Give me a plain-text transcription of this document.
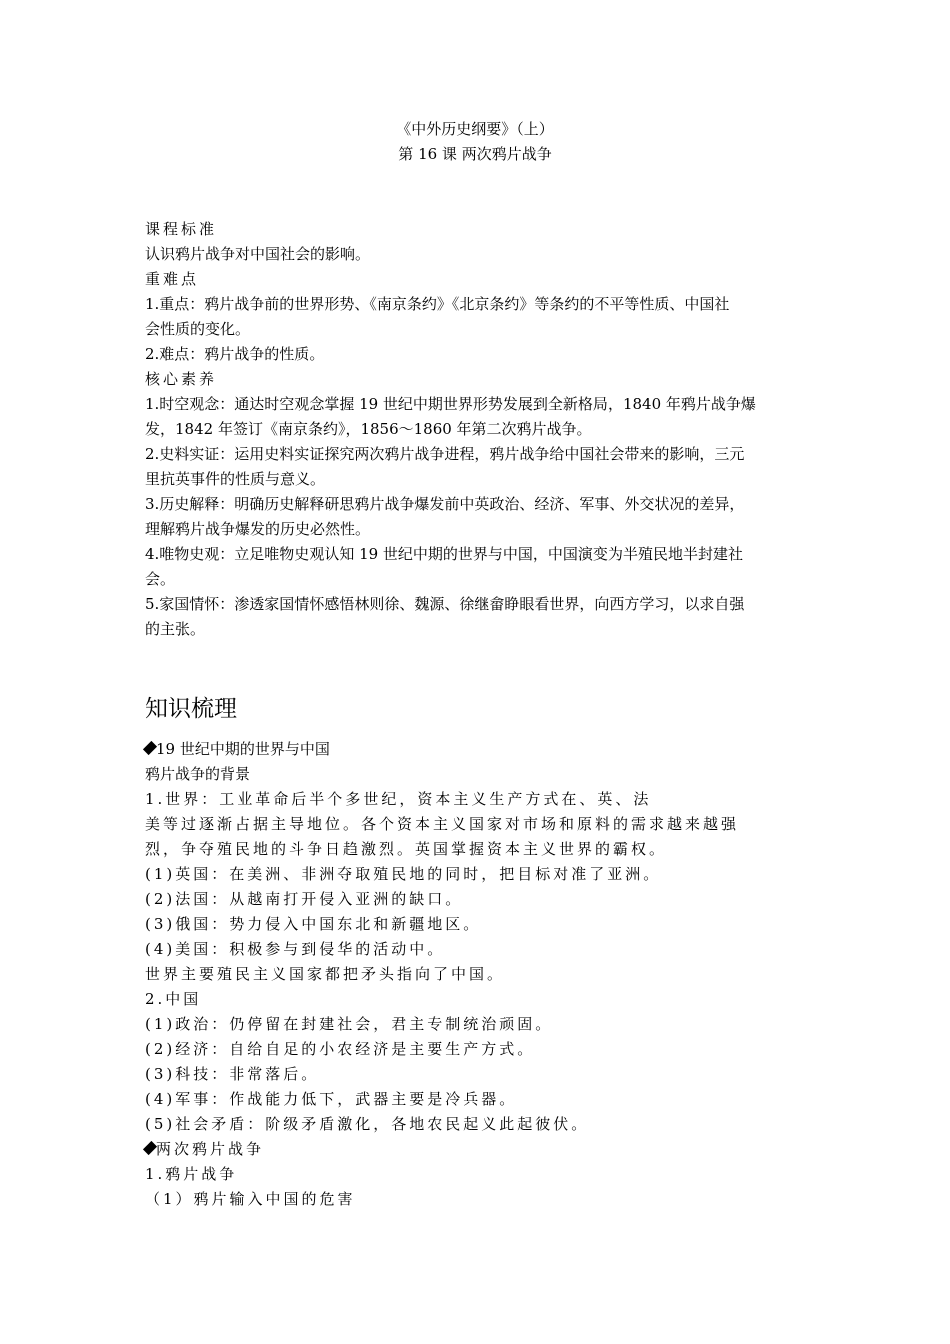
《中外历史纲要》（上）
第 16 课 两次鸦片战争
课程标准
认识鸦片战争对中国社会的影响。
重难点
1.重点：鸦片战争前的世界形势、《南京条约》《北京条约》等条约的不平等性质、中国社
会性质的变化。
2.难点：鸦片战争的性质。
核心素养
1.时空观念：通达时空观念掌握 19 世纪中期世界形势发展到全新格局，1840 年鸦片战争爆
发，1842 年签订《南京条约》，1856～1860 年第二次鸦片战争。
2.史料实证：运用史料实证探究两次鸦片战争进程，鸦片战争给中国社会带来的影响，三元
里抗英事件的性质与意义。
3.历史解释：明确历史解释研思鸦片战争爆发前中英政治、经济、军事、外交状况的差异，
理解鸦片战争爆发的历史必然性。
4.唯物史观：立足唯物史观认知 19 世纪中期的世界与中国，中国演变为半殖民地半封建社
会。
5.家国情怀：渗透家国情怀感悟林则徐、魏源、徐继畲睁眼看世界，向西方学习，以求自强
的主张。
知识梳理
19 世纪中期的世界与中国
鸦片战争的背景
1.世界：工业革命后半个多世纪，资本主义生产方式在、英、法
美等过逐渐占据主导地位。各个资本主义国家对市场和原料的需求越来越强
烈，争夺殖民地的斗争日趋激烈。英国掌握资本主义世界的霸权。
(1)英国：在美洲、非洲夺取殖民地的同时，把目标对准了亚洲。
(2)法国：从越南打开侵入亚洲的缺口。
(3)俄国：势力侵入中国东北和新疆地区。
(4)美国：积极参与到侵华的活动中。
世界主要殖民主义国家都把矛头指向了中国。
2.中国
(1)政治：仍停留在封建社会，君主专制统治顽固。
(2)经济：自给自足的小农经济是主要生产方式。
(3)科技：非常落后。
(4)军事：作战能力低下，武器主要是冷兵器。
(5)社会矛盾：阶级矛盾激化，各地农民起义此起彼伏。
两次鸦片战争
1.鸦片战争
（1）鸦片输入中国的危害
